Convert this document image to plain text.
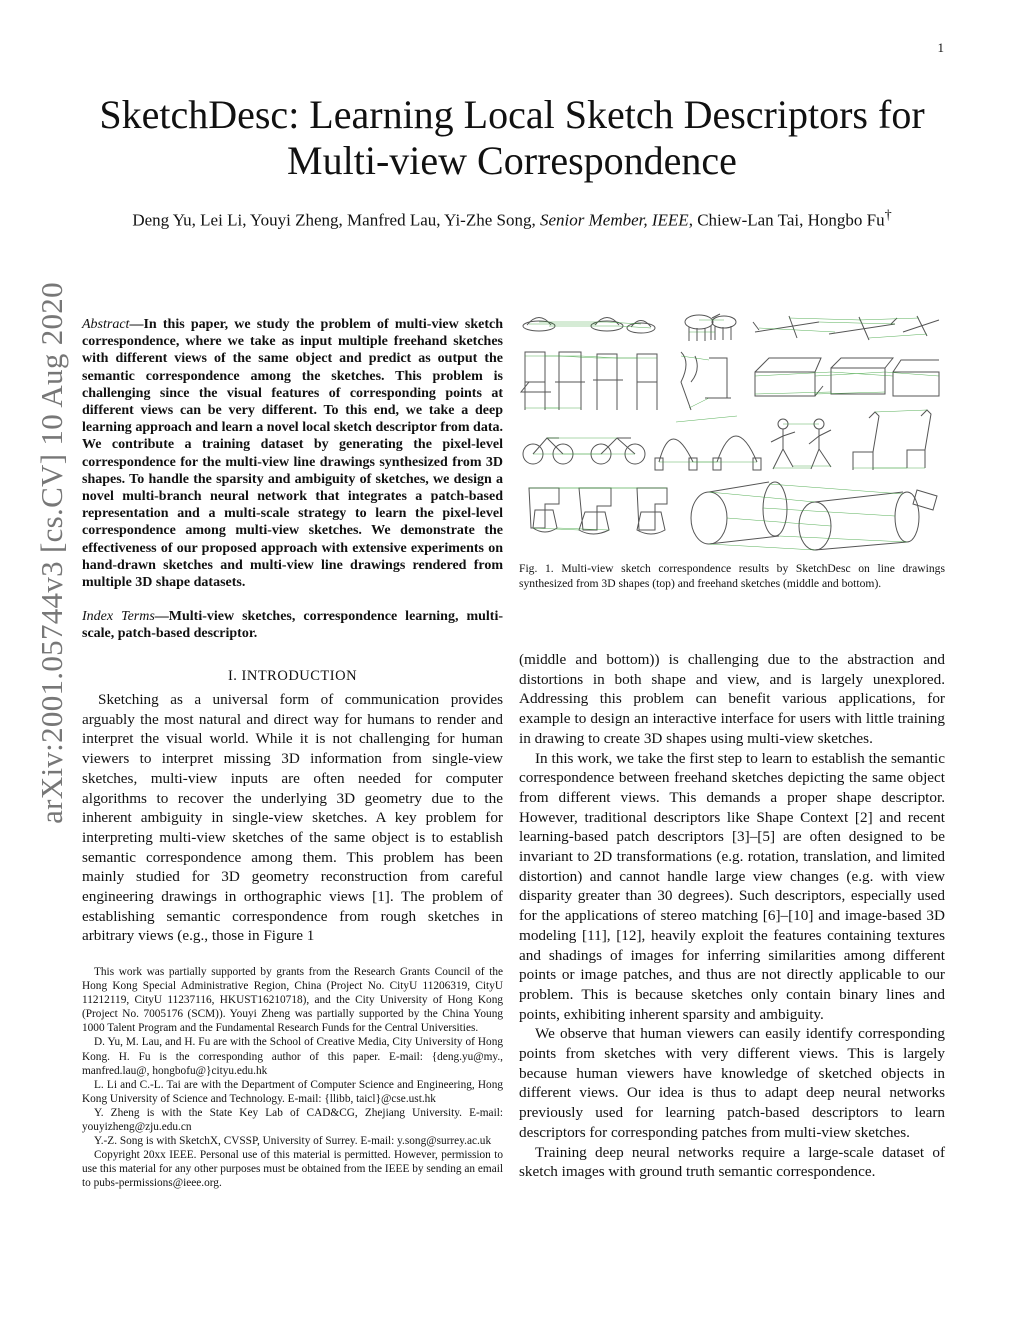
1
SketchDesc: Learning Local Sketch Descriptors for
Multi-view Correspondence
Deng Yu, Lei Li, Youyi Zheng, Manfred Lau, Yi-Zhe Song, Senior Member, IEEE, Chiew-Lan Tai, Hongbo Fu†
arXiv:2001.05744v3 [cs.CV] 10 Aug 2020 Abstract—In this paper, we study the problem of multi-view sketch correspondence, where we take as input multiple freehand sketches with different views of the same object and predict as output the semantic correspondence among the sketches. This problem is challenging since the visual features of corresponding points at different views can be very different. To this end, we take a deep learning approach and learn a novel local sketch descriptor from data. We contribute a training dataset by generating the pixel-level correspondence for the multi-view line drawings synthesized from 3D shapes. To handle the sparsity and ambiguity of sketches, we design a novel multi-branch neural network that integrates a patch-based representation and a multi-scale strategy to learn the pixel-level correspondence among multi-view sketches. We demonstrate the effectiveness of our proposed approach with extensive experiments on hand-drawn sketches and multi-view line drawings rendered from multiple 3D shape datasets.
Index Terms—Multi-view sketches, correspondence learning, multi-scale, patch-based descriptor.
I. INTRODUCTION

Sketching as a universal form of communication provides arguably the most natural and direct way for humans to render and interpret the visual world. While it is not challenging for human viewers to interpret missing 3D information from single-view sketches, multi-view inputs are often needed for computer algorithms to recover the underlying 3D geometry due to the inherent ambiguity in single-view sketches. A key problem for interpreting multi-view sketches of the same object is to establish semantic correspondence among them. This problem has been mainly studied for 3D geometry reconstruction from careful engineering drawings in orthographic views [1]. The problem of establishing semantic correspondence from rough sketches in arbitrary views (e.g., those in Figure 1

This work was partially supported by grants from the Research Grants Council of the Hong Kong Special Administrative Region, China (Project No. CityU 11206319, CityU 11212119, CityU 11237116, HKUST16210718), and the City University of Hong Kong (Project No. 7005176 (SCM)). Youyi Zheng was partially supported by the China Young 1000 Talent Program and the Fundamental Research Funds for the Central Universities.

D. Yu, M. Lau, and H. Fu are with the School of Creative Media, City University of Hong Kong. H. Fu is the corresponding author of this paper. E-mail: {deng.yu@my., manfred.lau@, hongbofu@}cityu.edu.hk

L. Li and C.-L. Tai are with the Department of Computer Science and Engineering, Hong Kong University of Science and Technology. E-mail: {llibb, taicl}@cse.ust.hk

Y. Zheng is with the State Key Lab of CAD&CG, Zhejiang University. E-mail: youyizheng@zju.edu.cn

Y.-Z. Song is with SketchX, CVSSP, University of Surrey. E-mail: y.song@surrey.ac.uk

Copyright 20xx IEEE. Personal use of this material is permitted. However, permission to use this material for any other purposes must be obtained from the IEEE by sending an email to pubs-permissions@ieee.org.

Fig. 1. Multi-view sketch correspondence results by SketchDesc on line drawings synthesized from 3D shapes (top) and freehand sketches (middle and bottom).

(middle and bottom)) is challenging due to the abstraction and distortions in both shape and view, and is largely unexplored. Addressing this problem can benefit various applications, for example to design an interactive interface for users with little training in drawing to create 3D shapes using multi-view sketches.

In this work, we take the first step to learn to establish the semantic correspondence between freehand sketches depicting the same object from different views. This demands a proper shape descriptor. However, traditional descriptors like Shape Context [2] and recent learning-based patch descriptors [3]–[5] are often designed to be invariant to 2D transformations (e.g. rotation, translation, and limited distortion) and cannot handle large view changes (e.g. with view disparity greater than 30 degrees). Such descriptors, especially used for the applications of stereo matching [6]–[10] and image-based 3D modeling [11], [12], heavily exploit the features containing textures and shadings of images for inferring similarities among different points or image patches, and thus are not directly applicable to our problem. This is because sketches only contain binary lines and points, exhibiting inherent sparsity and ambiguity.

We observe that human viewers can easily identify corresponding points from sketches with very different views. This is largely because human viewers have knowledge of sketched objects in different views. Our idea is thus to adapt deep neural networks previously used for learning patch-based descriptors to learn descriptors for corresponding patches from multi-view sketches.

Training deep neural networks require a large-scale dataset of sketch images with ground truth semantic correspondence.
